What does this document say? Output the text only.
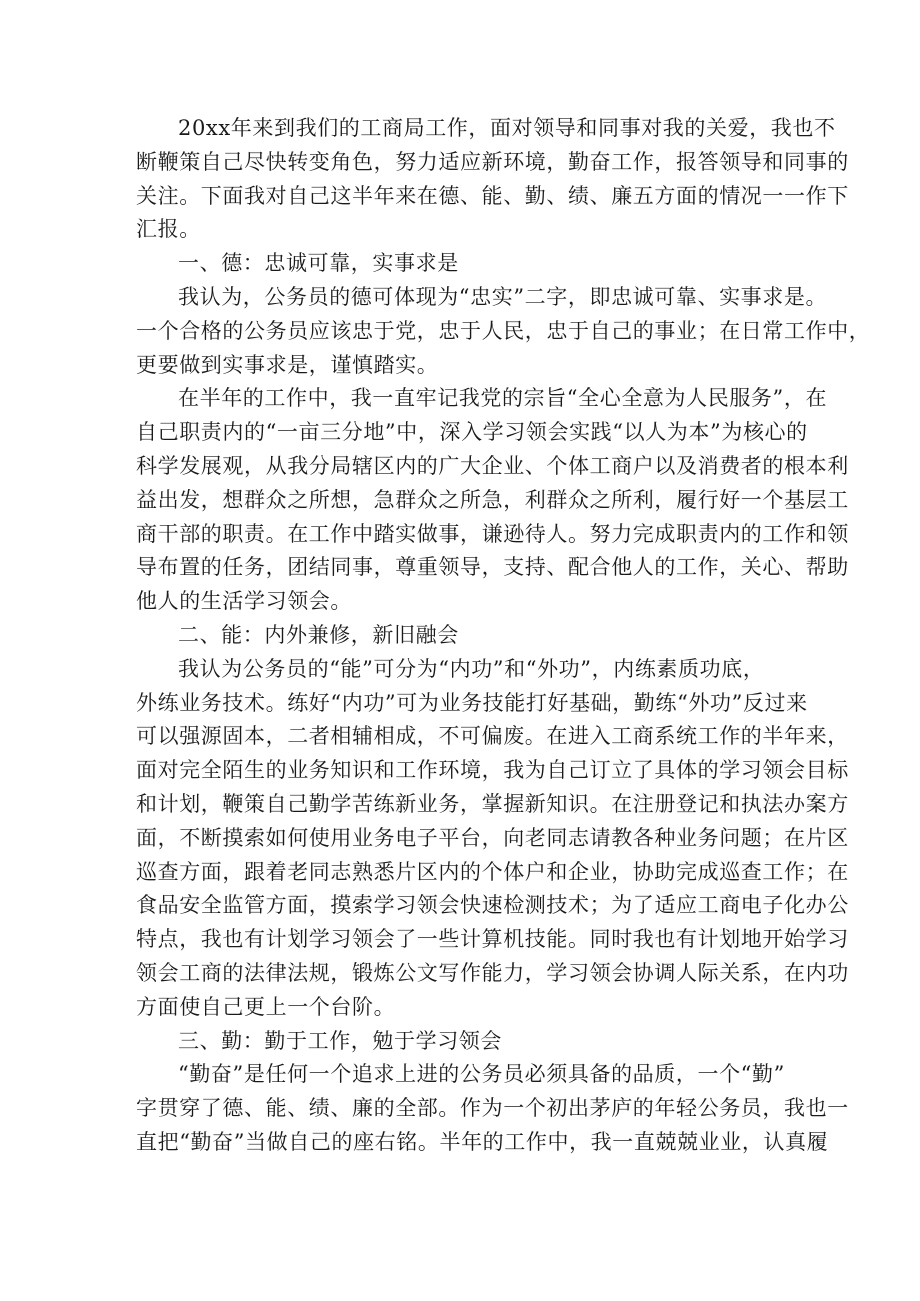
20xx年来到我们的工商局工作，面对领导和同事对我的关爱，我也不
断鞭策自己尽快转变角色，努力适应新环境，勤奋工作，报答领导和同事的
关注。下面我对自己这半年来在德、能、勤、绩、廉五方面的情况一一作下
汇报。
一、德：忠诚可靠，实事求是
我认为，公务员的德可体现为“忠实”二字，即忠诚可靠、实事求是。
一个合格的公务员应该忠于党，忠于人民，忠于自己的事业；在日常工作中，
更要做到实事求是，谨慎踏实。
在半年的工作中，我一直牢记我党的宗旨“全心全意为人民服务”，在
自己职责内的“一亩三分地”中，深入学习领会实践“以人为本”为核心的
科学发展观，从我分局辖区内的广大企业、个体工商户以及消费者的根本利
益出发，想群众之所想，急群众之所急，利群众之所利，履行好一个基层工
商干部的职责。在工作中踏实做事，谦逊待人。努力完成职责内的工作和领
导布置的任务，团结同事，尊重领导，支持、配合他人的工作，关心、帮助
他人的生活学习领会。
二、能：内外兼修，新旧融会
我认为公务员的“能”可分为“内功”和“外功”，内练素质功底，
外练业务技术。练好“内功”可为业务技能打好基础，勤练“外功”反过来
可以强源固本，二者相辅相成，不可偏废。在进入工商系统工作的半年来，
面对完全陌生的业务知识和工作环境，我为自己订立了具体的学习领会目标
和计划，鞭策自己勤学苦练新业务，掌握新知识。在注册登记和执法办案方
面，不断摸索如何使用业务电子平台，向老同志请教各种业务问题；在片区
巡查方面，跟着老同志熟悉片区内的个体户和企业，协助完成巡查工作；在
食品安全监管方面，摸索学习领会快速检测技术；为了适应工商电子化办公
特点，我也有计划学习领会了一些计算机技能。同时我也有计划地开始学习
领会工商的法律法规，锻炼公文写作能力，学习领会协调人际关系，在内功
方面使自己更上一个台阶。
三、勤：勤于工作，勉于学习领会
“勤奋”是任何一个追求上进的公务员必须具备的品质，一个“勤”
字贯穿了德、能、绩、廉的全部。作为一个初出茅庐的年轻公务员，我也一
直把“勤奋”当做自己的座右铭。半年的工作中，我一直兢兢业业，认真履
